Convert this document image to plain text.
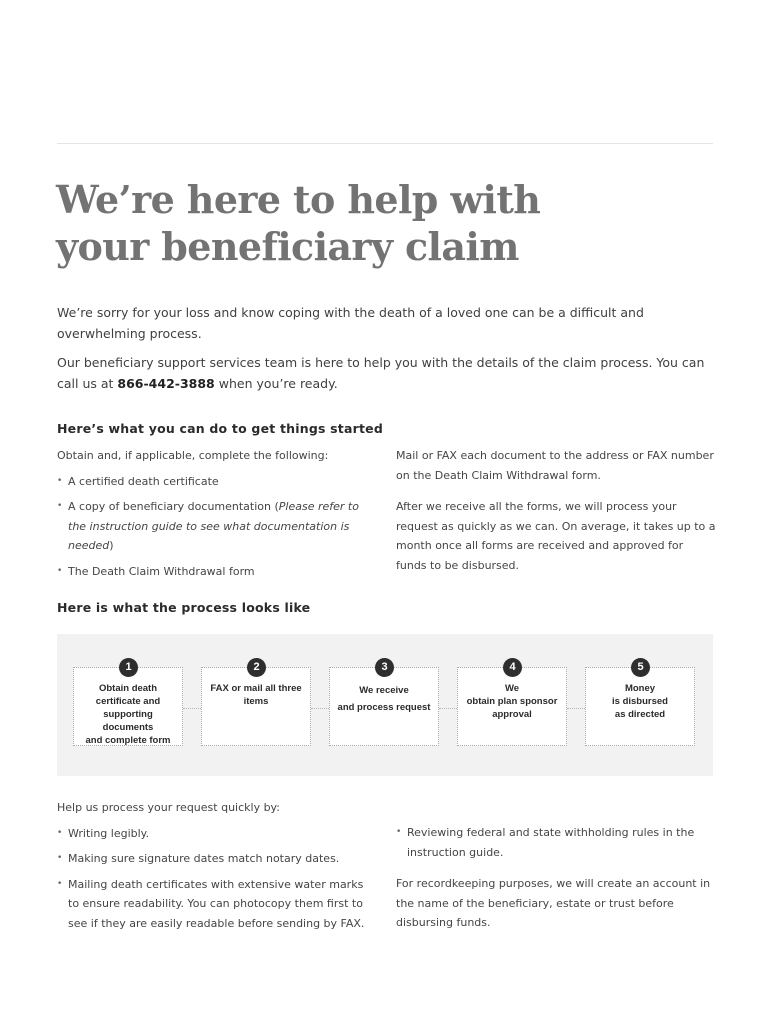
We’re here to help with
your beneficiary claim

We’re sorry for your loss and know coping with the death of a loved one can be a difficult and overwhelming process.

Our beneficiary support services team is here to help you with the details of the claim process. You can call us at 866-442-3888 when you’re ready.

Here’s what you can do to get things started

Obtain and, if applicable, complete the following:

• A certified death certificate
• A copy of beneficiary documentation (Please refer to the instruction guide to see what documentation is needed)
• The Death Claim Withdrawal form

Mail or FAX each document to the address or FAX number on the Death Claim Withdrawal form.

After we receive all the forms, we will process your request as quickly as we can. On average, it takes up to a month once all forms are received and approved for funds to be disbursed.

Here is what the process looks like
1
Obtain death
certificate and
supporting documents
and complete form
2
FAX or mail all three
items
3
We receive
and process request
4
We
obtain plan sponsor
approval
5
Money
is disbursed
as directed

Help us process your request quickly by:

• Writing legibly.
• Making sure signature dates match notary dates.
• Mailing death certificates with extensive water marks to ensure readability. You can photocopy them first to see if they are easily readable before sending by FAX.
• Reviewing federal and state withholding rules in the instruction guide.

For recordkeeping purposes, we will create an account in the name of the beneficiary, estate or trust before disbursing funds.
